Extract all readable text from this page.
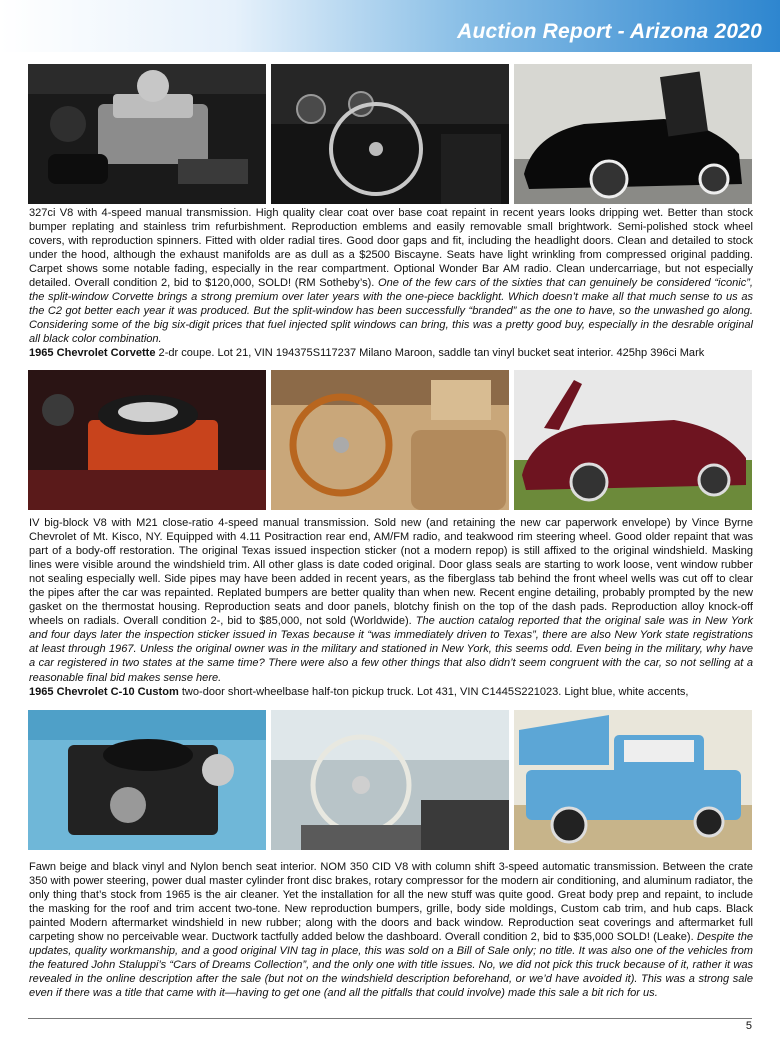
Auction Report - Arizona 2020

327ci V8 with 4-speed manual transmission. High quality clear coat over base coat repaint in recent years looks dripping wet. Better than stock bumper replating and stainless trim refurbishment. Reproduction emblems and easily removable small brightwork. Semi-polished stock wheel covers, with reproduction spinners. Fitted with older radial tires. Good door gaps and fit, including the headlight doors. Clean and detailed to stock under the hood, although the exhaust manifolds are as dull as a $2500 Biscayne. Seats have light wrinkling from compressed original padding. Carpet shows some notable fading, especially in the rear compartment. Optional Wonder Bar AM radio. Clean undercarriage, but not especially detailed. Overall condition 2, bid to $120,000, SOLD! (RM Sotheby’s). One of the few cars of the sixties that can genuinely be considered “iconic”, the split-window Corvette brings a strong premium over later years with the one-piece backlight. Which doesn’t make all that much sense to us as the C2 got better each year it was produced. But the split-window has been successfully “branded” as the one to have, so the unwashed go along. Considering some of the big six-digit prices that fuel injected split windows can bring, this was a pretty good buy, especially in the desrable original all black color combination.

1965 Chevrolet Corvette 2-dr coupe. Lot 21, VIN 194375S117237 Milano Maroon, saddle tan vinyl bucket seat interior. 425hp 396ci Mark

IV big-block V8 with M21 close-ratio 4-speed manual transmission. Sold new (and retaining the new car paperwork envelope) by Vince Byrne Chevrolet of Mt. Kisco, NY. Equipped with 4.11 Positraction rear end, AM/FM radio, and teakwood rim steering wheel. Good older repaint that was part of a body-off restoration. The original Texas issued inspection sticker (not a modern repop) is still affixed to the original windshield. Masking lines were visible around the windshield trim. All other glass is date coded original. Door glass seals are starting to work loose, vent window rubber not sealing especially well. Side pipes may have been added in recent years, as the fiberglass tab behind the front wheel wells was cut off to clear the pipes after the car was repainted. Replated bumpers are better quality than when new. Recent engine detailing, probably prompted by the new gasket on the thermostat housing. Reproduction seats and door panels, blotchy finish on the top of the dash pads. Reproduction alloy knock-off wheels on radials. Overall condition 2-, bid to $85,000, not sold (Worldwide). The auction catalog reported that the original sale was in New York and four days later the inspection sticker issued in Texas because it “was immediately driven to Texas”, there are also New York state registrations at least through 1967. Unless the original owner was in the military and stationed in New York, this seems odd. Even being in the military, why have a car registered in two states at the same time? There were also a few other things that also didn’t seem congruent with the car, so not selling at a reasonable final bid makes sense here.

1965 Chevrolet C-10 Custom two-door short-wheelbase half-ton pickup truck. Lot 431, VIN C1445S221023. Light blue, white accents,

Fawn beige and black vinyl and Nylon bench seat interior. NOM 350 CID V8 with column shift 3-speed automatic transmission. Between the crate 350 with power steering, power dual master cylinder front disc brakes, rotary compressor for the modern air conditioning, and aluminum radiator, the only thing that’s stock from 1965 is the air cleaner. Yet the installation for all the new stuff was quite good. Great body prep and repaint, to include the masking for the roof and trim accent two-tone. New reproduction bumpers, grille, body side moldings, Custom cab trim, and hub caps. Black painted Modern aftermarket windshield in new rubber; along with the doors and back window. Reproduction seat coverings and aftermarket full carpeting show no perceivable wear. Ductwork tactfully added below the dashboard. Overall condition 2, bid to $35,000 SOLD! (Leake). Despite the updates, quality workmanship, and a good original VIN tag in place, this was sold on a Bill of Sale only; no title. It was also one of the vehicles from the featured John Staluppi’s “Cars of Dreams Collection”, and the only one with title issues. No, we did not pick this truck because of it, rather it was revealed in the online description after the sale (but not on the windshield description beforehand, or we’d have avoided it). This was a strong sale even if there was a title that came with it—having to get one (and all the pitfalls that could involve) made this sale a bit rich for us.

5
